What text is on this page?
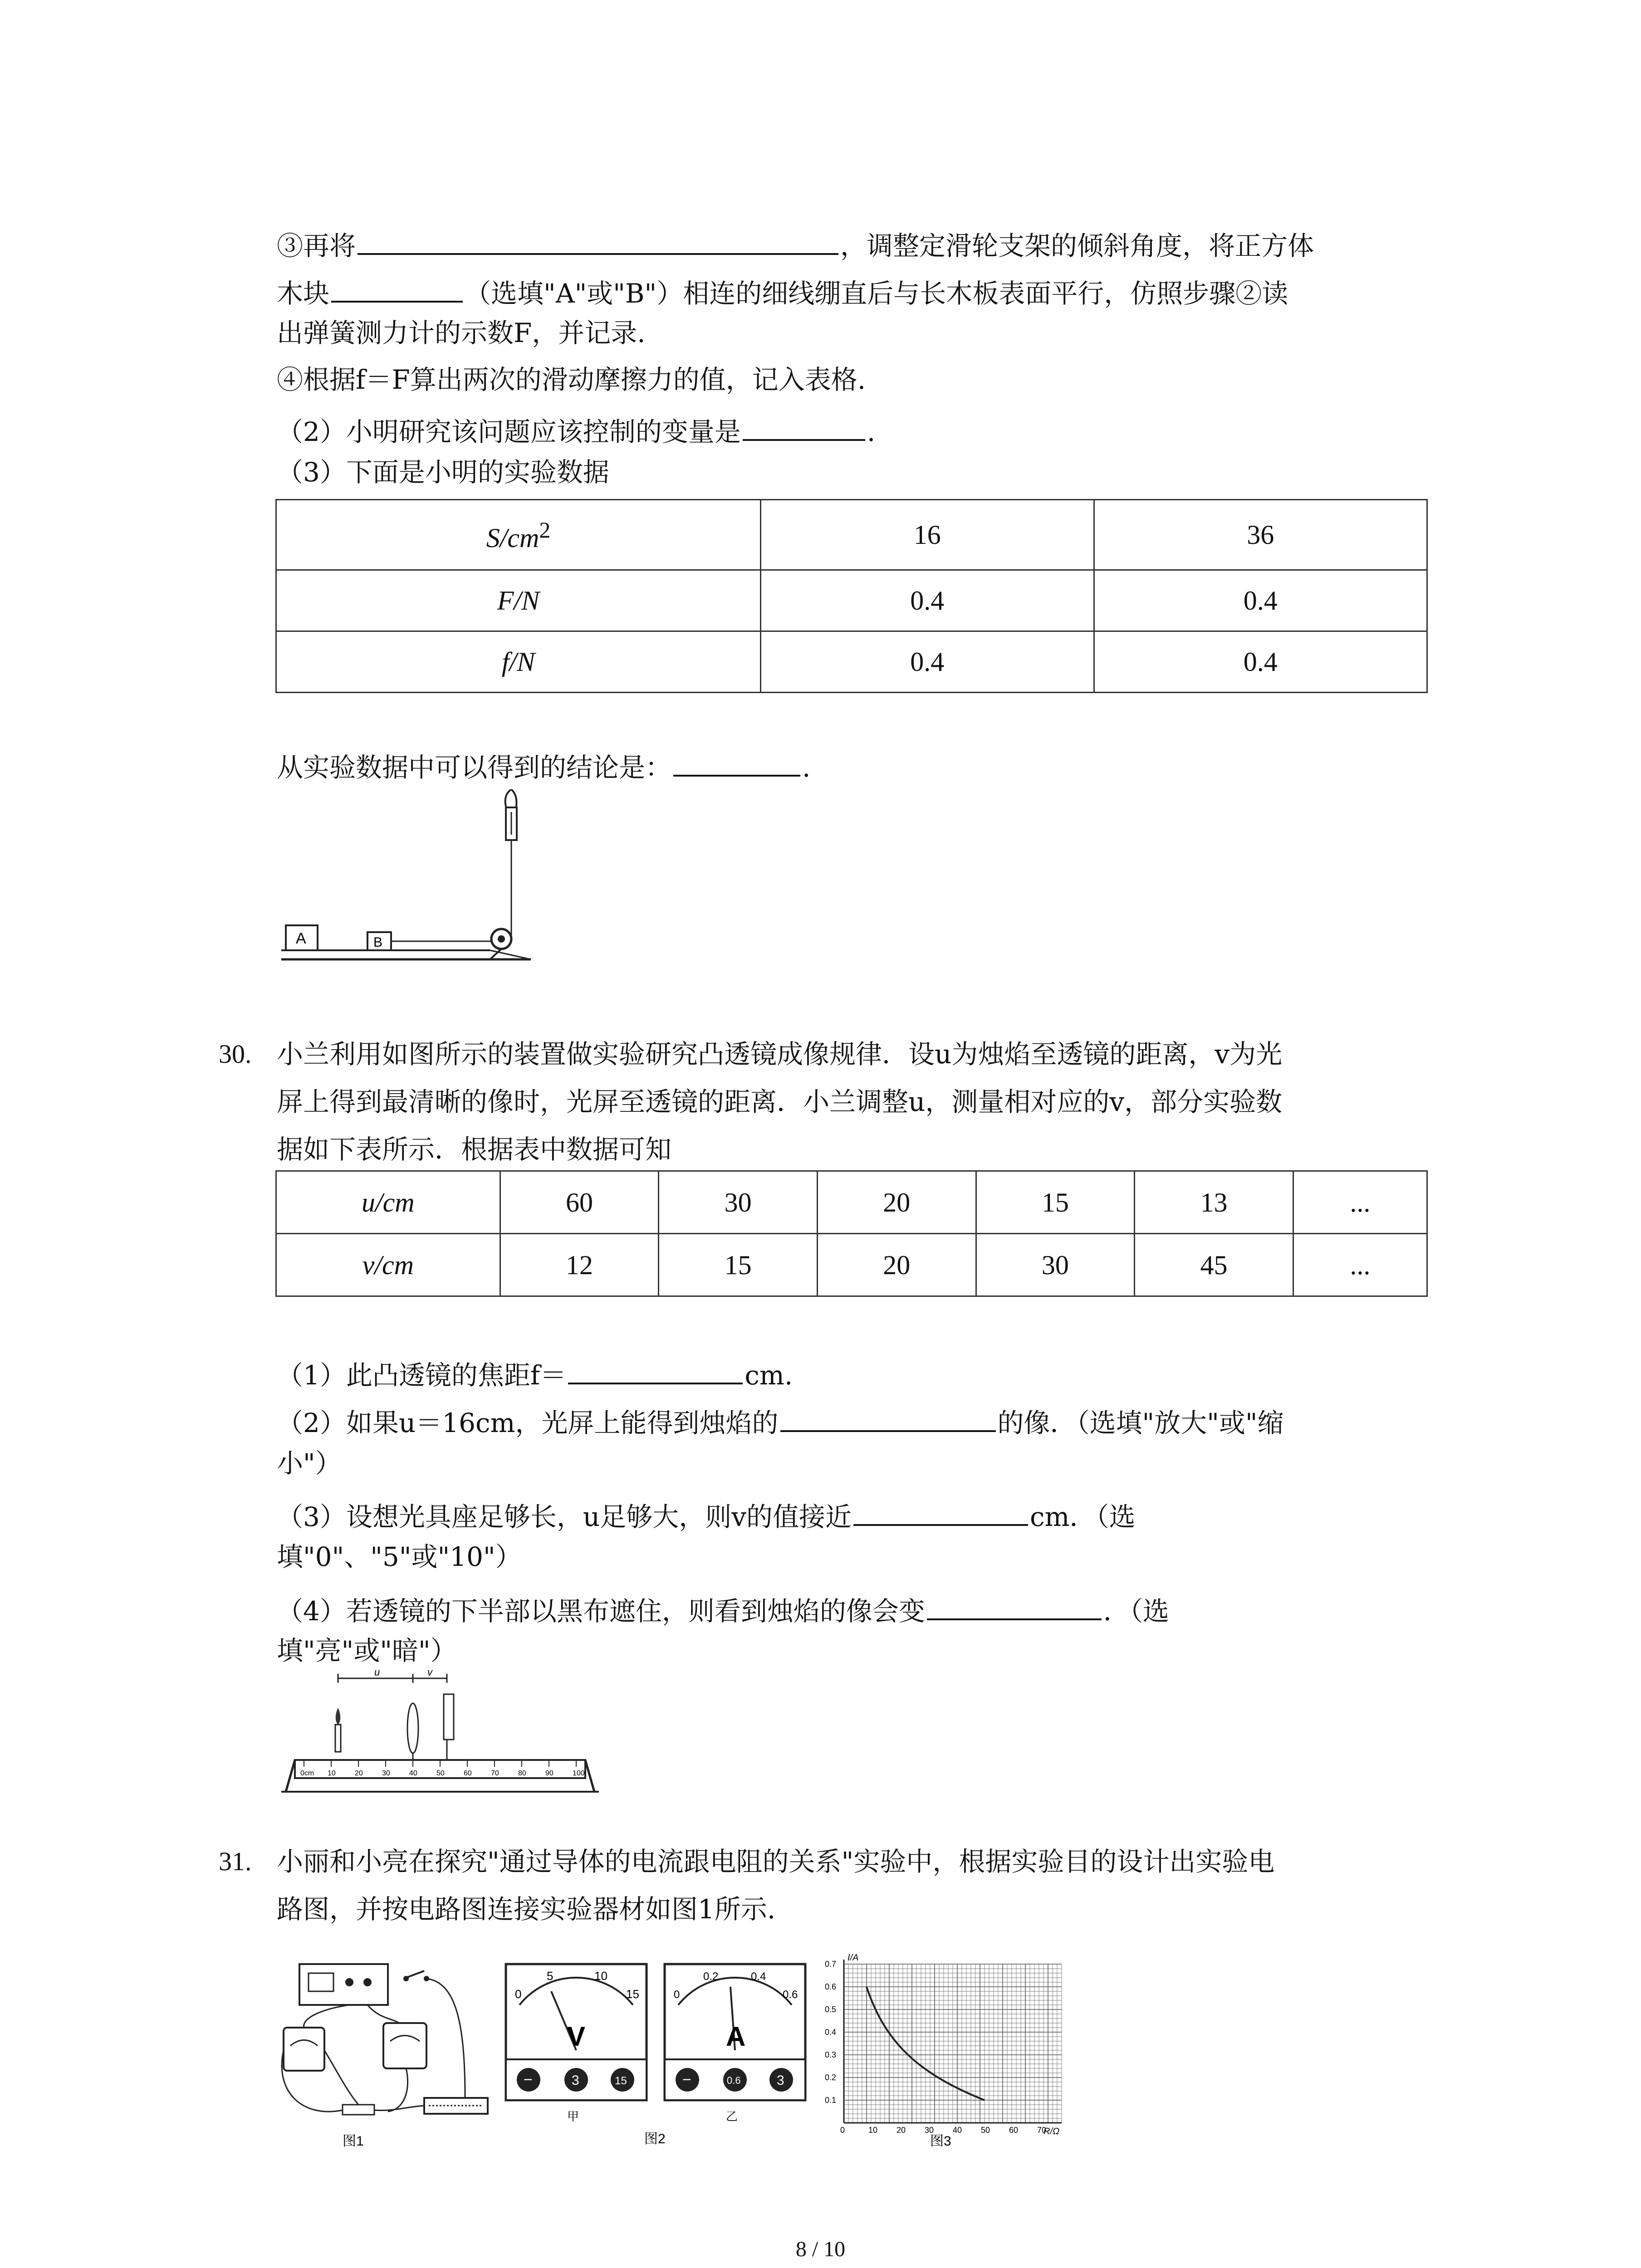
③再将	，调整定滑轮支架的倾斜角度，将正方体
木块	（选填"A"或"B"）相连的细线绷直后与长木板表面平行，仿照步骤②读
出弹簧测力计的示数F，并记录.
④根据f＝F算出两次的滑动摩擦力的值，记入表格.
（2）小明研究该问题应该控制的变量是	.
（3）下面是小明的实验数据
$S/cm^2$	16	36
F/N	0.4	0.4
f/N	0.4	0.4
从实验数据中可以得到的结论是：	.
A	B
30. 小兰利用如图所示的装置做实验研究凸透镜成像规律．设u为烛焰至透镜的距离，v为光
屏上得到最清晰的像时，光屏至透镜的距离．小兰调整u，测量相对应的v，部分实验数
据如下表所示．根据表中数据可知
u/cm	60	30	20	15	13	...
v/cm	12	15	20	30	45	...
（1）此凸透镜的焦距f＝	cm.
（2）如果u＝16cm，光屏上能得到烛焰的	的像．（选填"放大"或"缩
小"）
（3）设想光具座足够长，u足够大，则v的值接近	cm．（选
填"0"、"5"或"10"）
（4）若透镜的下半部以黑布遮住，则看到烛焰的像会变	．（选
填"亮"或"暗"）
u	v
0cm 10	20	30	40	50	60	70	80	90	100
31. 小丽和小亮在探究"通过导体的电流跟电阻的关系"实验中，根据实验目的设计出实验电
路图，并按电路图连接实验器材如图1所示.
图1
0
5	10
15
V
−	3	15
甲
0
0.2	0.4
0.6
A
−	0.6	3
乙
图2
I/A
R/Ω
0.7
0.6
0.5
0.4
0.3
0.2
0.1
0	10 20 30 40 50 60 70
图3
8 / 10
